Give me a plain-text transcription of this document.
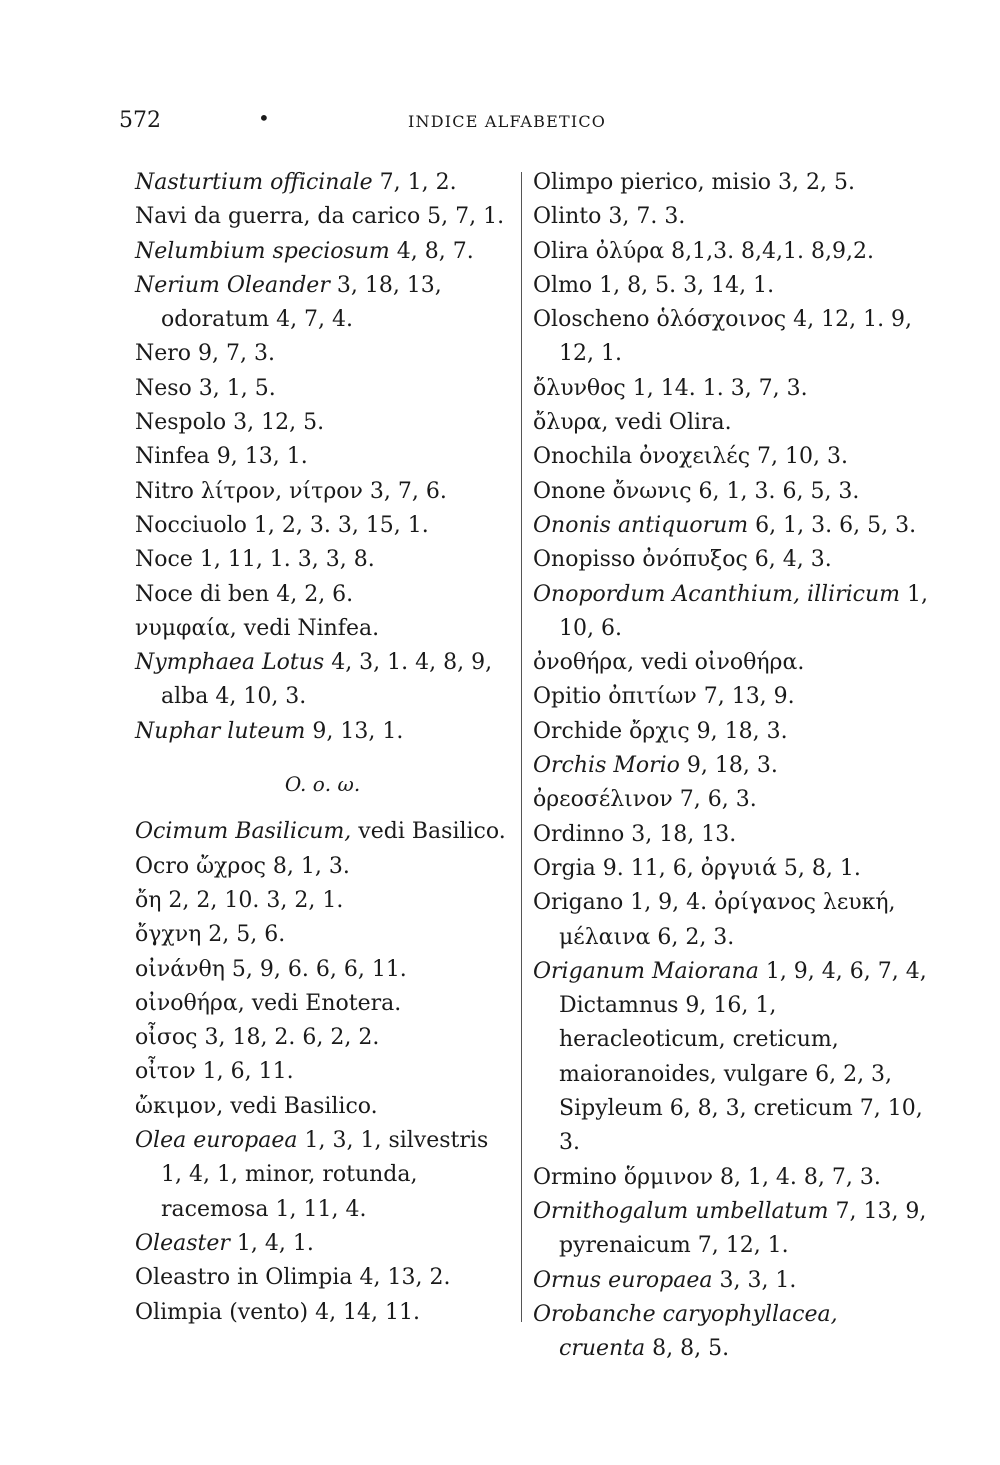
572	•	INDICE ALFABETICO
Nasturtium officinale 7, 1, 2.
Navi da guerra, da carico 5, 7, 1.
Nelumbium speciosum 4, 8, 7.
Nerium Oleander 3, 18, 13, odoratum 4, 7, 4.
Nero 9, 7, 3.
Neso 3, 1, 5.
Nespolo 3, 12, 5.
Ninfea 9, 13, 1.
Nitro λίτρον, νίτρον 3, 7, 6.
Nocciuolo 1, 2, 3. 3, 15, 1.
Noce 1, 11, 1. 3, 3, 8.
Noce di ben 4, 2, 6.
νυμφαία, vedi Ninfea.
Nymphaea Lotus 4, 3, 1. 4, 8, 9, alba 4, 10, 3.
Nuphar luteum 9, 13, 1.
O. ο. ω.
Ocimum Basilicum, vedi Basilico.
Ocro ὤχρος 8, 1, 3.
ὄη 2, 2, 10. 3, 2, 1.
ὄγχνη 2, 5, 6.
οἰνάνθη 5, 9, 6. 6, 6, 11.
οἰνοθήρα, vedi Enotera.
οἶσος 3, 18, 2. 6, 2, 2.
οἶτον 1, 6, 11.
ὤκιμον, vedi Basilico.
Olea europaea 1, 3, 1, silvestris 1, 4, 1, minor, rotunda, racemosa 1, 11, 4.
Oleaster 1, 4, 1.
Oleastro in Olimpia 4, 13, 2.
Olimpia (vento) 4, 14, 11.
Olimpo pierico, misio 3, 2, 5.
Olinto 3, 7. 3.
Olira ὀλύρα 8,1,3. 8,4,1. 8,9,2.
Olmo 1, 8, 5. 3, 14, 1.
Oloscheno ὁλόσχοινος 4, 12, 1. 9, 12, 1.
ὄλυνθος 1, 14. 1. 3, 7, 3.
ὄλυρα, vedi Olira.
Onochila ὀνοχειλές 7, 10, 3.
Onone ὄνωνις 6, 1, 3. 6, 5, 3.
Ononis antiquorum 6, 1, 3. 6, 5, 3.
Onopisso ὀνόπυξος 6, 4, 3.
Onopordum Acanthium, illiricum 1, 10, 6.
ὀνοθήρα, vedi οἰνοθήρα.
Opitio ὀπιτίων 7, 13, 9.
Orchide ὄρχις 9, 18, 3.
Orchis Morio 9, 18, 3.
ὀρεοσέλινον 7, 6, 3.
Ordinno 3, 18, 13.
Orgia 9. 11, 6, ὀργυιά 5, 8, 1.
Origano 1, 9, 4. ὀρίγανος λευκή, μέλαινα 6, 2, 3.
Origanum Maiorana 1, 9, 4, 6, 7, 4, Dictamnus 9, 16, 1, heracleoticum, creticum, maioranoides, vulgare 6, 2, 3, Sipyleum 6, 8, 3, creticum 7, 10, 3.
Ormino ὅρμινον 8, 1, 4. 8, 7, 3.
Ornithogalum umbellatum 7, 13, 9, pyrenaicum 7, 12, 1.
Ornus europaea 3, 3, 1.
Orobanche caryophyllacea, cruenta 8, 8, 5.
